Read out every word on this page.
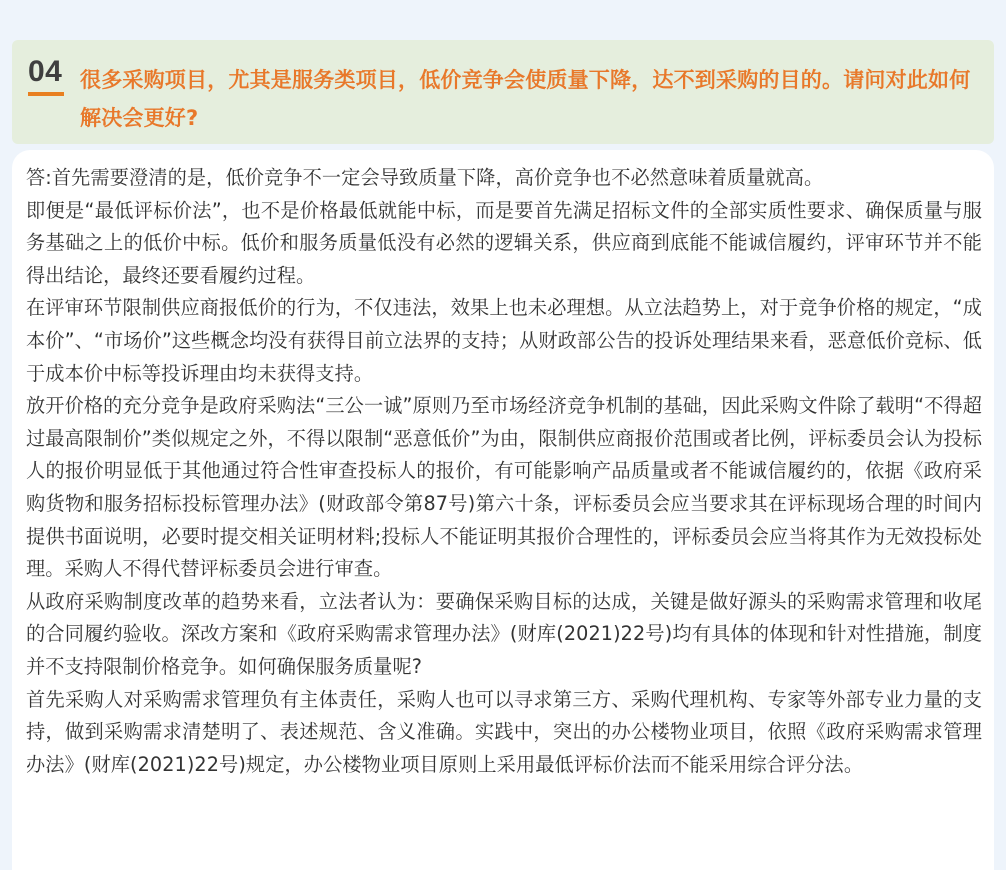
04 很多采购项目，尤其是服务类项目，低价竞争会使质量下降，达不到采购的目的。请问对此如何解决会更好?

答:首先需要澄清的是，低价竞争不一定会导致质量下降，高价竞争也不必然意味着质量就高。

即便是“最低评标价法”，也不是价格最低就能中标，而是要首先满足招标文件的全部实质性要求、确保质量与服务基础之上的低价中标。低价和服务质量低没有必然的逻辑关系，供应商到底能不能诚信履约，评审环节并不能得出结论，最终还要看履约过程。

在评审环节限制供应商报低价的行为，不仅违法，效果上也未必理想。从立法趋势上，对于竞争价格的规定，“成本价”、“市场价”这些概念均没有获得目前立法界的支持；从财政部公告的投诉处理结果来看，恶意低价竞标、低于成本价中标等投诉理由均未获得支持。

放开价格的充分竞争是政府采购法“三公一诚”原则乃至市场经济竞争机制的基础，因此采购文件除了载明“不得超过最高限制价”类似规定之外，不得以限制“恶意低价”为由，限制供应商报价范围或者比例，评标委员会认为投标人的报价明显低于其他通过符合性审查投标人的报价，有可能影响产品质量或者不能诚信履约的，依据《政府采购货物和服务招标投标管理办法》(财政部令第87号)第六十条，评标委员会应当要求其在评标现场合理的时间内提供书面说明，必要时提交相关证明材料;投标人不能证明其报价合理性的，评标委员会应当将其作为无效投标处理。采购人不得代替评标委员会进行审查。

从政府采购制度改革的趋势来看，立法者认为：要确保采购目标的达成，关键是做好源头的采购需求管理和收尾的合同履约验收。深改方案和《政府采购需求管理办法》(财库(2021)22号)均有具体的体现和针对性措施，制度并不支持限制价格竞争。如何确保服务质量呢?

首先采购人对采购需求管理负有主体责任，采购人也可以寻求第三方、采购代理机构、专家等外部专业力量的支持，做到采购需求清楚明了、表述规范、含义准确。实践中，突出的办公楼物业项目，依照《政府采购需求管理办法》(财库(2021)22号)规定，办公楼物业项目原则上采用最低评标价法而不能采用综合评分法。
